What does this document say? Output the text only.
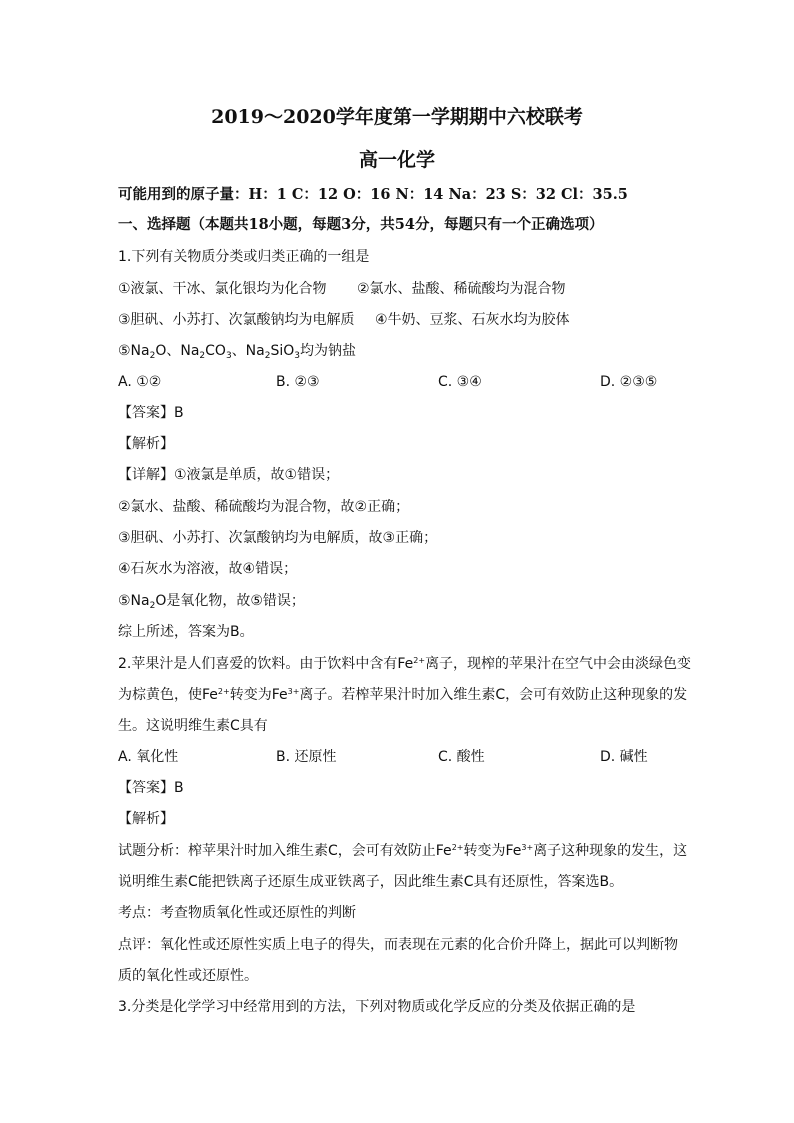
2019～2020学年度第一学期期中六校联考
高一化学
可能用到的原子量：H：1 C：12 O：16 N：14 Na：23 S：32 Cl：35.5
一、选择题（本题共18小题，每题3分，共54分，每题只有一个正确选项）
1.下列有关物质分类或归类正确的一组是
①液氯、干冰、氯化银均为化合物 ②氯水、盐酸、稀硫酸均为混合物
③胆矾、小苏打、次氯酸钠均为电解质 ④牛奶、豆浆、石灰水均为胶体
$⑤Na_2O$、$Na_2CO_3$、$Na_2SiO_3$均为钠盐
A. ①②	B. ②③	C. ③④	D. ②③⑤
【答案】B
【解析】
【详解】①液氯是单质，故①错误；
②氯水、盐酸、稀硫酸均为混合物，故②正确；
③胆矾、小苏打、次氯酸钠均为电解质，故③正确；
④石灰水为溶液，故④错误；
$⑤Na_2O$是氧化物，故⑤错误；
综上所述，答案为B。
2.苹果汁是人们喜爱的饮料。由于饮料中含有$Fe^{2+}$离子，现榨的苹果汁在空气中会由淡绿色变
为棕黄色，使$Fe^{2+}$转变为$Fe^{3+}$离子。若榨苹果汁时加入维生素C，会可有效防止这种现象的发
生。这说明维生素C具有
A. 氧化性	B. 还原性	C. 酸性	D. 碱性
【答案】B
【解析】
试题分析：榨苹果汁时加入维生素C，会可有效防止$Fe^{2+}$转变为$Fe^{3+}$离子这种现象的发生，这
说明维生素C能把铁离子还原生成亚铁离子，因此维生素C具有还原性，答案选B。
考点：考查物质氧化性或还原性的判断
点评：氧化性或还原性实质上电子的得失，而表现在元素的化合价升降上，据此可以判断物
质的氧化性或还原性。
3.分类是化学学习中经常用到的方法，下列对物质或化学反应的分类及依据正确的是
